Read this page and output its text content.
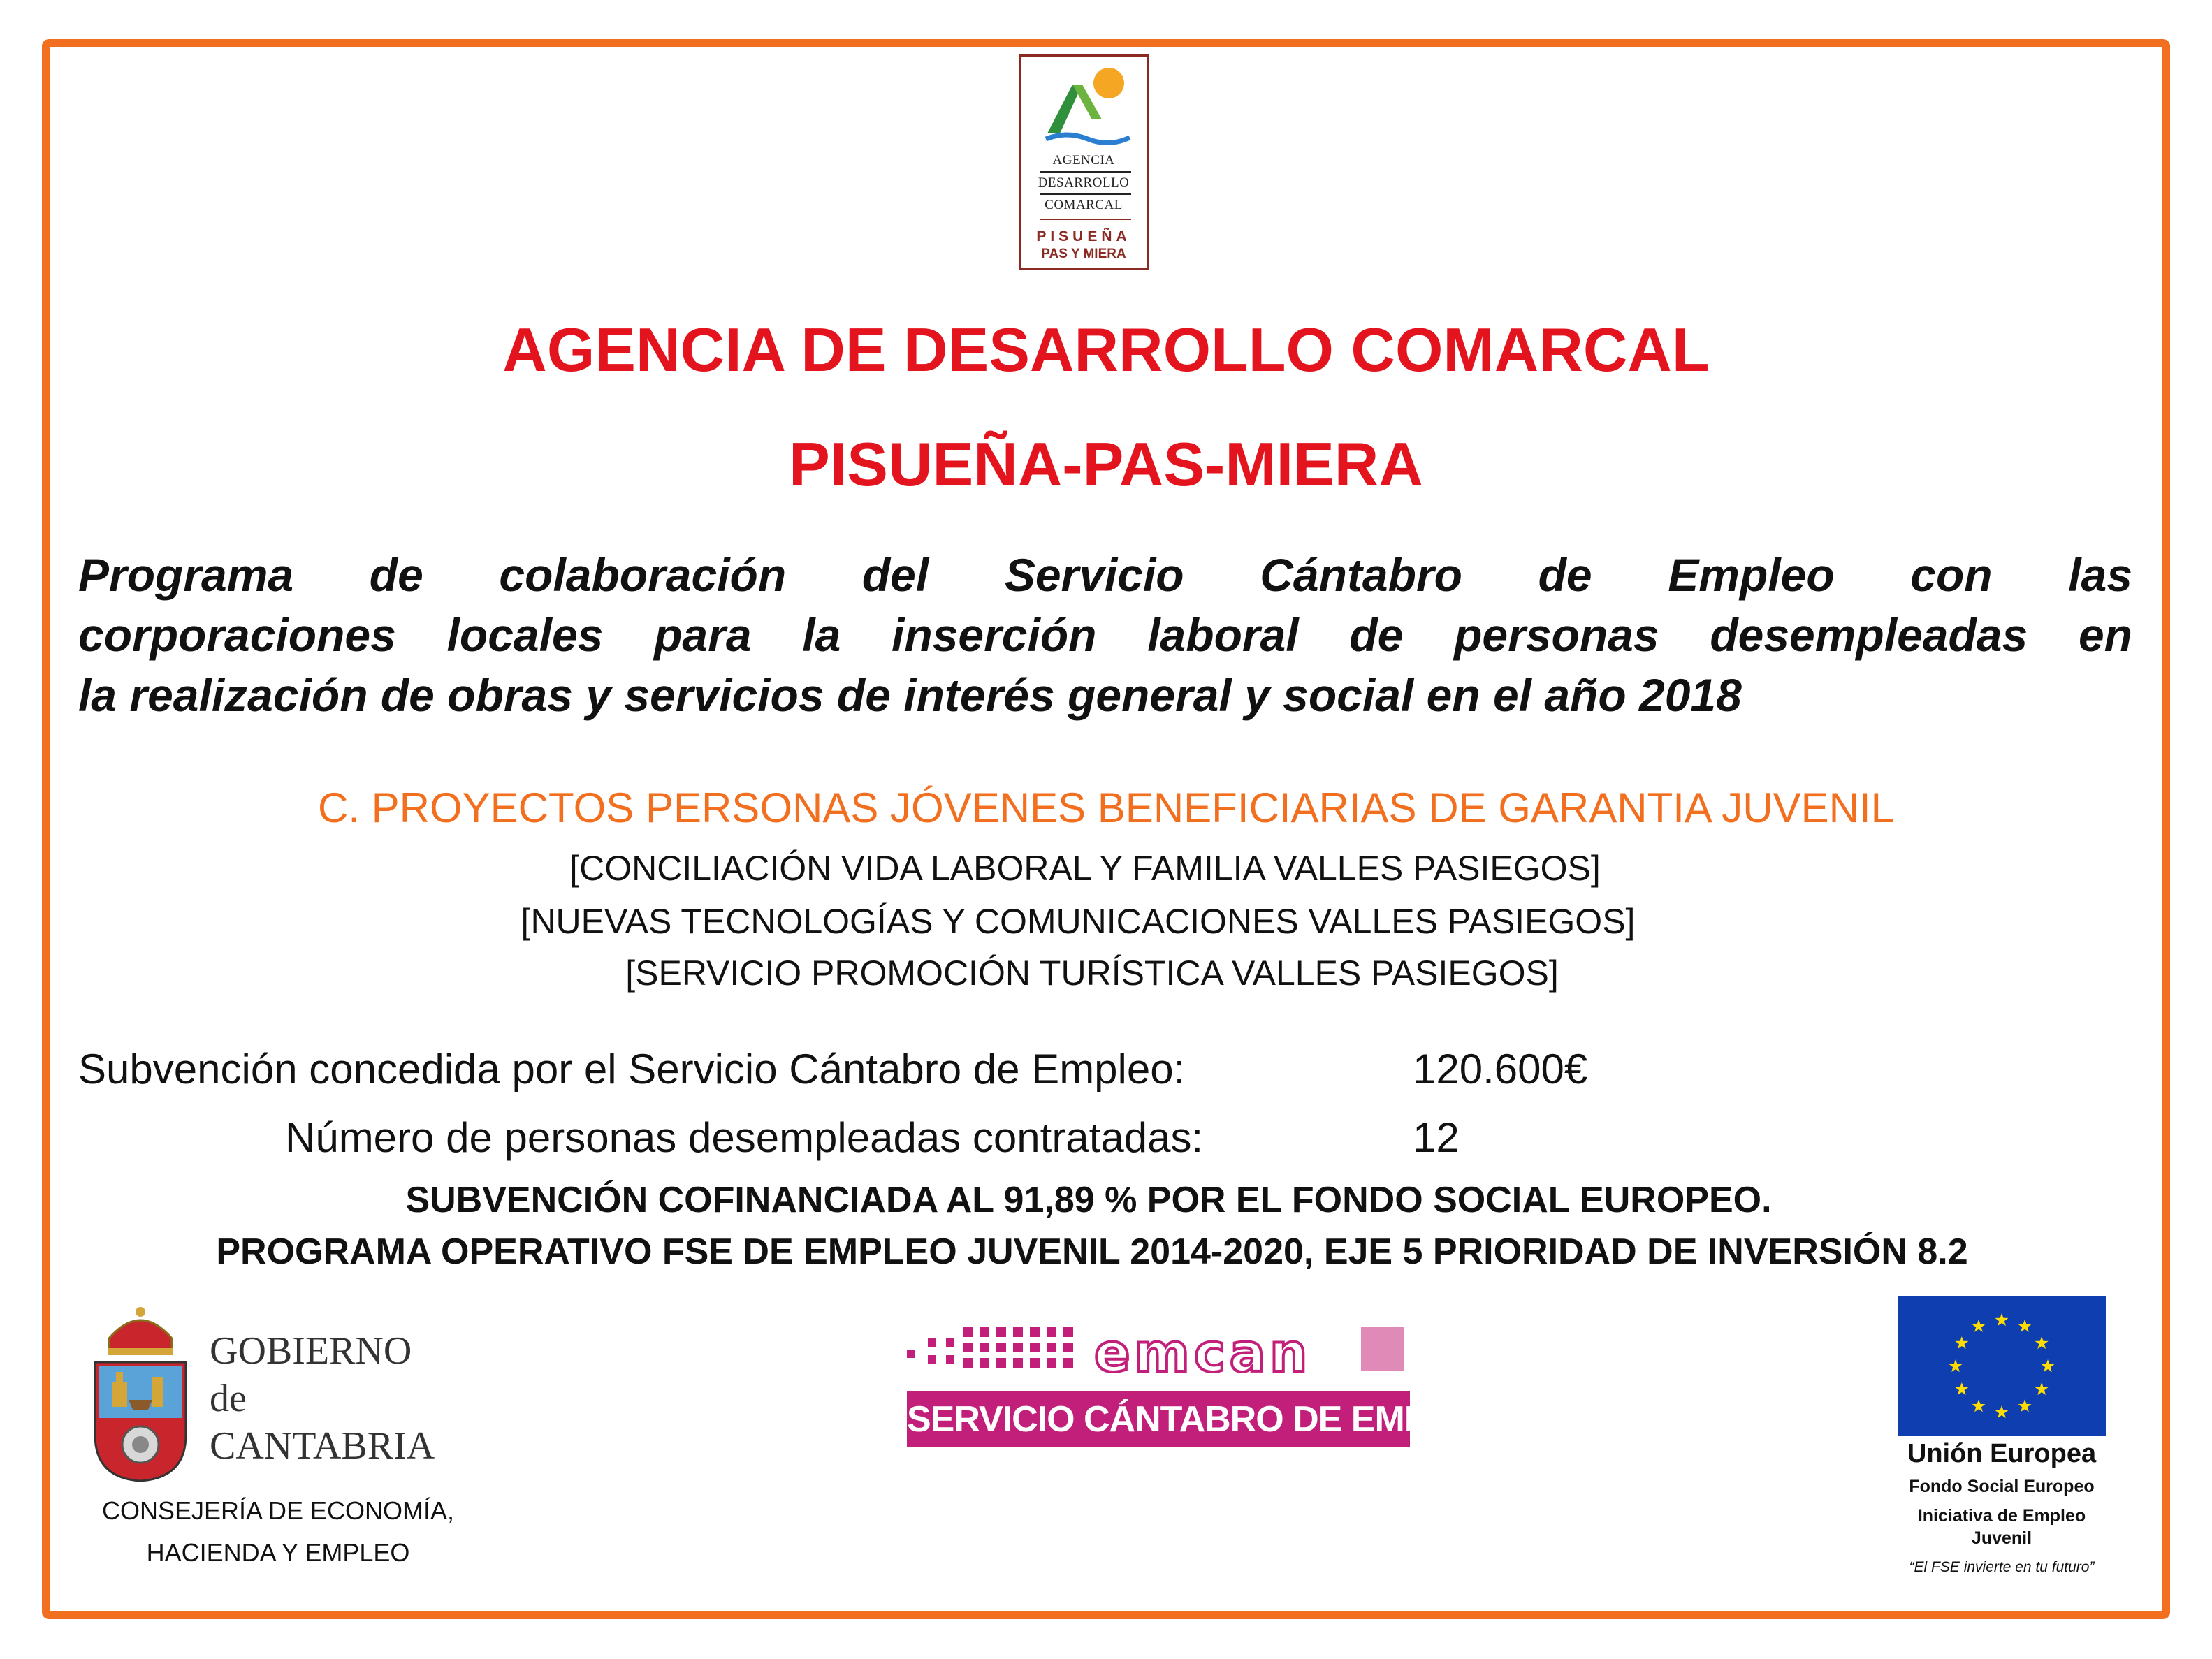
AGENCIA
DESARROLLO
COMARCAL
PISUEÑA
PAS Y MIERA
AGENCIA DE DESARROLLO COMARCAL
PISUEÑA-PAS-MIERA
Programa de colaboración del Servicio Cántabro de Empleo con las
corporaciones locales para la inserción laboral de personas desempleadas en
la realización de obras y servicios de interés general y social en el año 2018
C. PROYECTOS PERSONAS JÓVENES BENEFICIARIAS DE GARANTIA JUVENIL
[CONCILIACIÓN VIDA LABORAL Y FAMILIA VALLES PASIEGOS]
[NUEVAS TECNOLOGÍAS Y COMUNICACIONES VALLES PASIEGOS]
[SERVICIO PROMOCIÓN TURÍSTICA VALLES PASIEGOS]
Subvención concedida por el Servicio Cántabro de Empleo:	120.600€
Número de personas desempleadas contratadas:	12
SUBVENCIÓN COFINANCIADA AL 91,89 % POR EL FONDO SOCIAL EUROPEO.
PROGRAMA OPERATIVO FSE DE EMPLEO JUVENIL 2014-2020, EJE 5 PRIORIDAD DE INVERSIÓN 8.2
GOBIERNO
de
CANTABRIA
CONSEJERÍA DE ECONOMÍA,
HACIENDA Y EMPLEO
emcan
SERVICIO CÁNTABRO DE EMPLEO
Unión Europea
Fondo Social Europeo
Iniciativa de Empleo
Juvenil
“El FSE invierte en tu futuro”
